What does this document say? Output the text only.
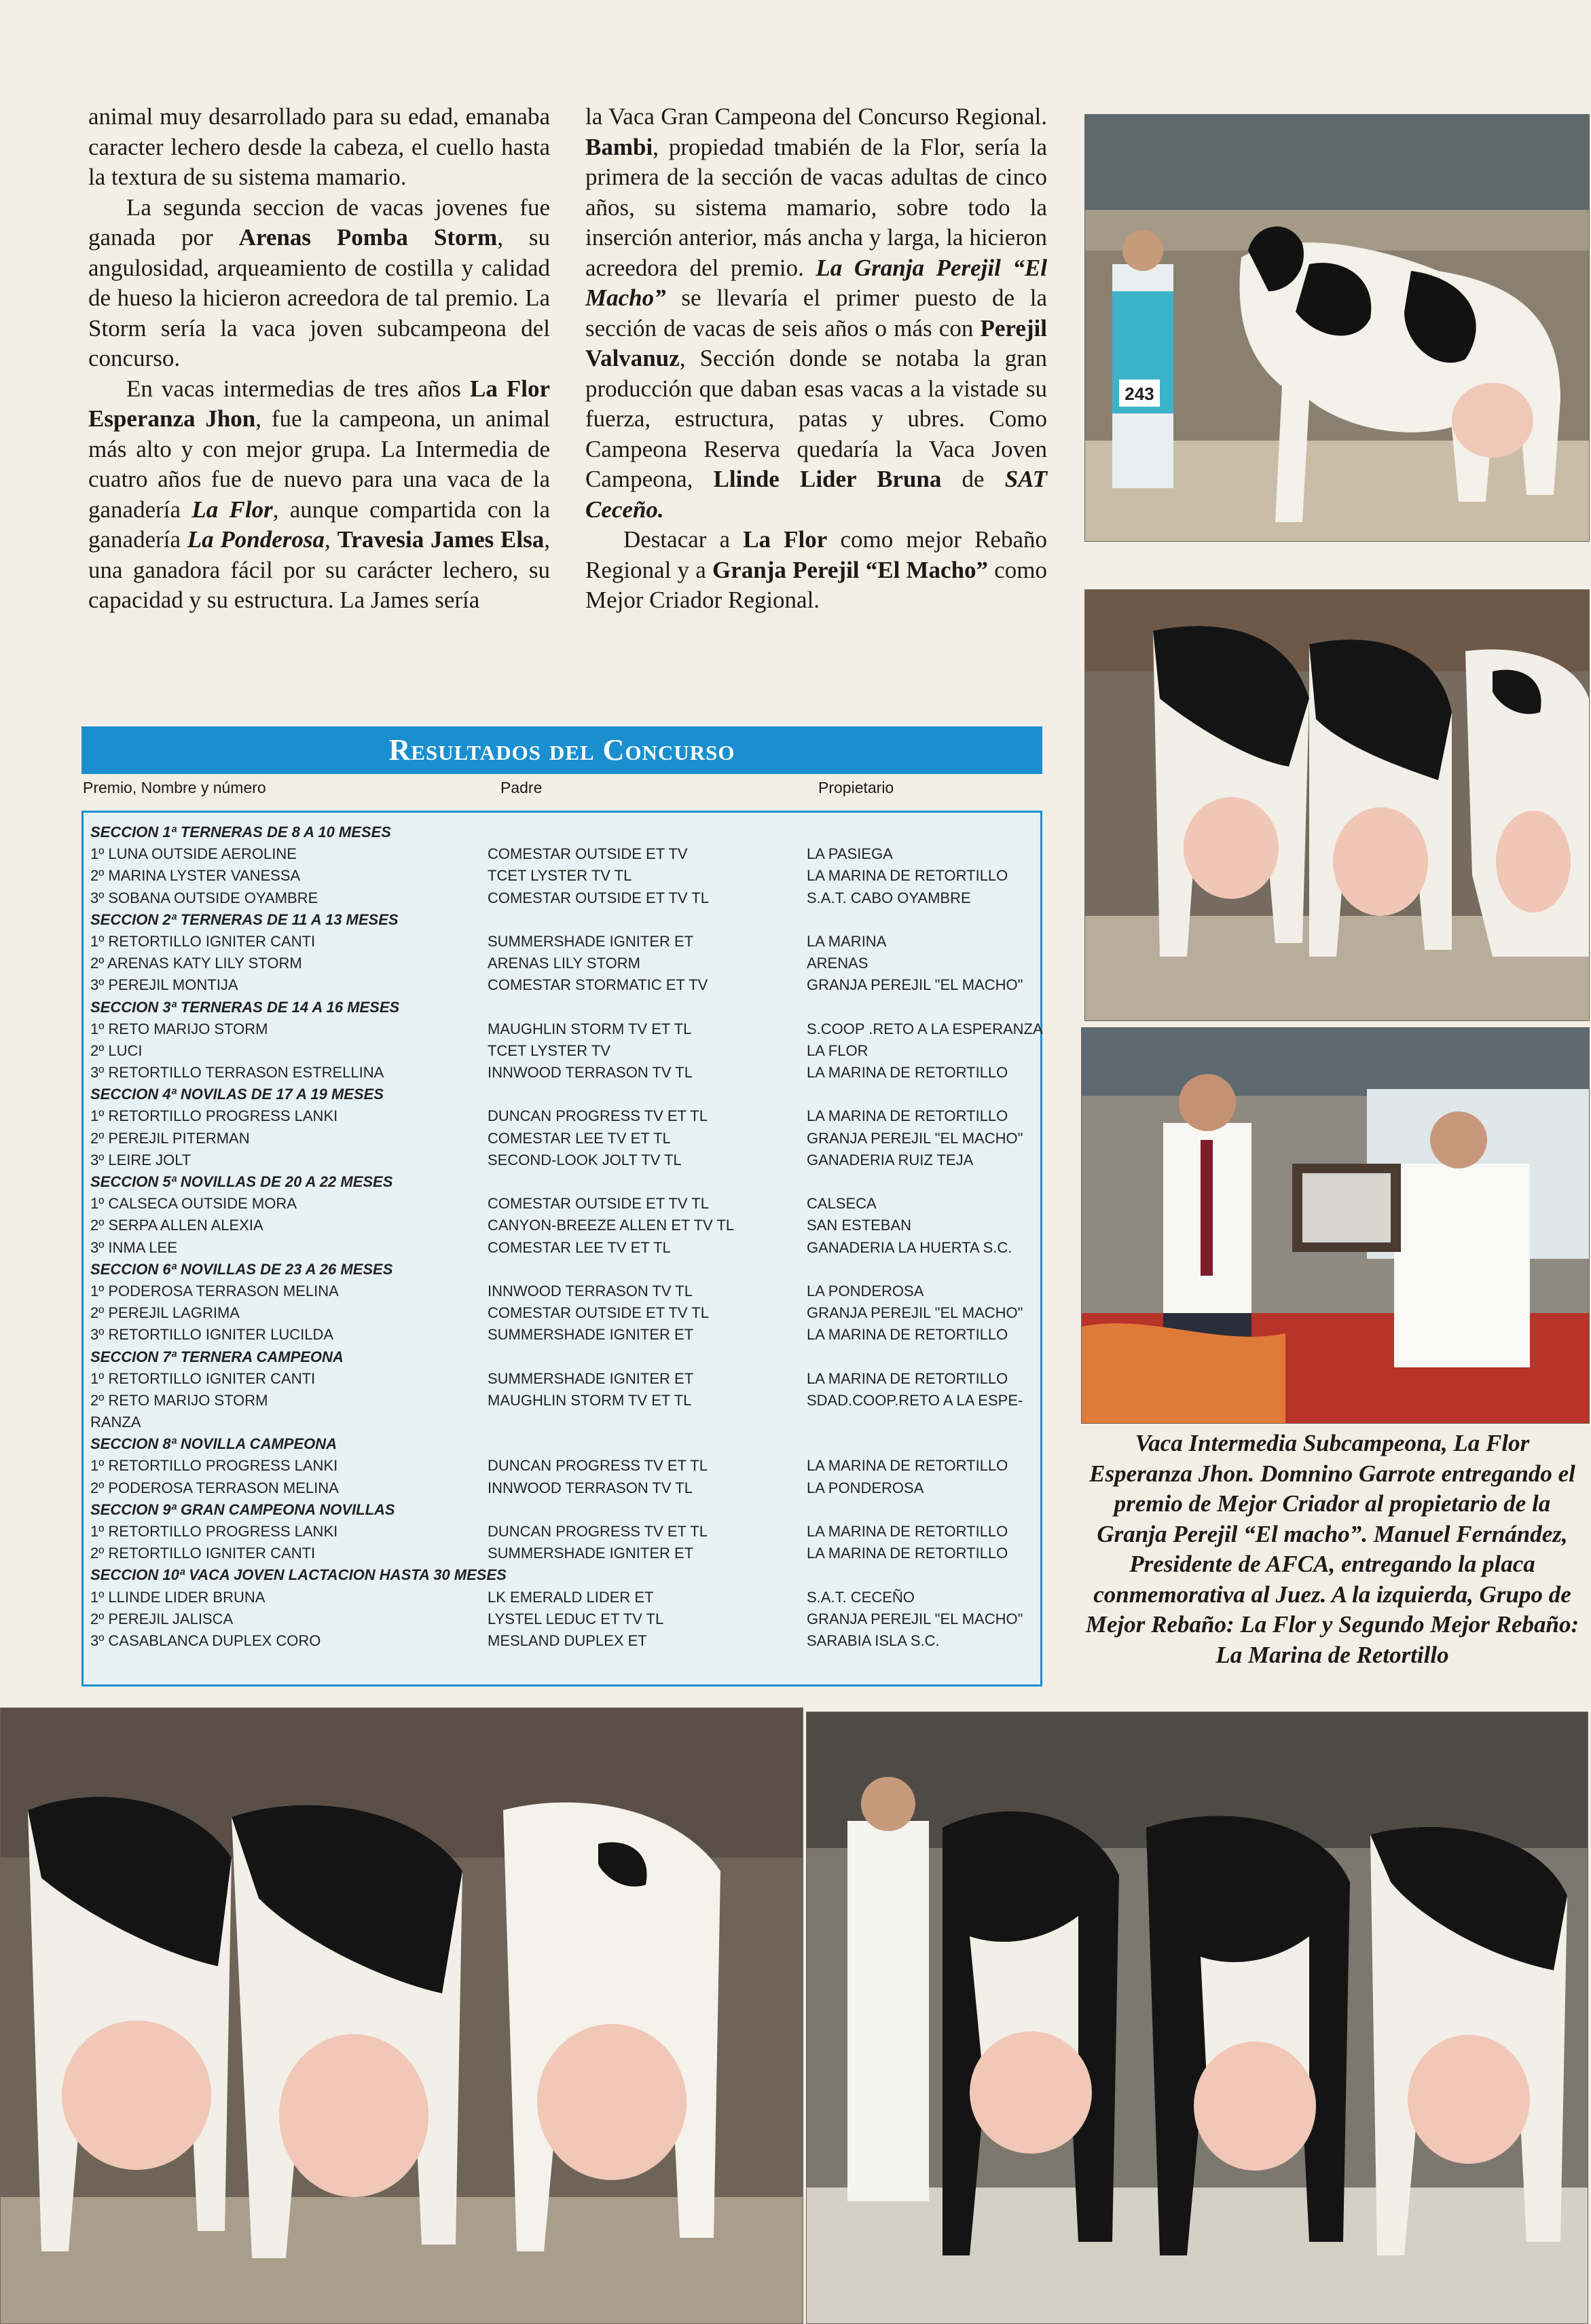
animal muy desarrollado para su edad, emanaba caracter lechero desde la cabeza, el cuello hasta la textura de su sistema mamario.

La segunda seccion de vacas jovenes fue ganada por Arenas Pomba Storm, su angulosidad, arqueamiento de costilla y calidad de hueso la hicieron acreedora de tal premio. La Storm sería la vaca joven subcampeona del concurso.

En vacas intermedias de tres años La Flor Esperanza Jhon, fue la campeona, un animal más alto y con mejor grupa. La Intermedia de cuatro años fue de nuevo para una vaca de la ganadería La Flor, aunque compartida con la ganadería La Ponderosa, Travesia James Elsa, una ganadora fácil por su carácter lechero, su capacidad y su estructura. La James sería

la Vaca Gran Campeona del Concurso Regional. Bambi, propiedad tmabién de la Flor, sería la primera de la sección de vacas adultas de cinco años, su sistema mamario, sobre todo la inserción anterior, más ancha y larga, la hicieron acreedora del premio. La Granja Perejil “El Macho” se llevaría el primer puesto de la sección de vacas de seis años o más con Perejil Valvanuz, Sección donde se notaba la gran producción que daban esas vacas a la vistade su fuerza, estructura, patas y ubres. Como Campeona Reserva quedaría la Vaca Joven Campeona, Llinde Lider Bruna de SAT Ceceño.

Destacar a La Flor como mejor Rebaño Regional y a Granja Perejil “El Macho” como Mejor Criador Regional.

243
Vaca Intermedia Subcampeona, La Flor Esperanza Jhon. Domnino Garrote entregando el premio de Mejor Criador al propietario de la Granja Perejil “El macho”. Manuel Fernández, Presidente de AFCA, entregando la placa conmemorativa al Juez. A la izquierda, Grupo de Mejor Rebaño: La Flor y Segundo Mejor Rebaño: La Marina de Retortillo
Resultados del Concurso
Premio, Nombre y número	Padre	Propietario
SECCION 1ª TERNERAS DE 8 A 10 MESES
1º LUNA OUTSIDE AEROLINE	COMESTAR OUTSIDE ET TV	LA PASIEGA
2º MARINA LYSTER VANESSA	TCET LYSTER TV TL	LA MARINA DE RETORTILLO
3º SOBANA OUTSIDE OYAMBRE	COMESTAR OUTSIDE ET TV TL	S.A.T. CABO OYAMBRE
SECCION 2ª TERNERAS DE 11 A 13 MESES
1º RETORTILLO IGNITER CANTI	SUMMERSHADE IGNITER ET	LA MARINA
2º ARENAS KATY LILY STORM	ARENAS LILY STORM	ARENAS
3º PEREJIL MONTIJA	COMESTAR STORMATIC ET TV	GRANJA PEREJIL "EL MACHO"
SECCION 3ª TERNERAS DE 14 A 16 MESES
1º RETO MARIJO STORM	MAUGHLIN STORM TV ET TL	S.COOP .RETO A LA ESPERANZA
2º LUCI	TCET LYSTER TV	LA FLOR
3º RETORTILLO TERRASON ESTRELLINA	INNWOOD TERRASON TV TL	LA MARINA DE RETORTILLO
SECCION 4ª NOVILAS DE 17 A 19 MESES
1º RETORTILLO PROGRESS LANKI	DUNCAN PROGRESS TV ET TL	LA MARINA DE RETORTILLO
2º PEREJIL PITERMAN	COMESTAR LEE TV ET TL	GRANJA PEREJIL "EL MACHO"
3º LEIRE JOLT	SECOND-LOOK JOLT TV TL	GANADERIA RUIZ TEJA
SECCION 5ª NOVILLAS DE 20 A 22 MESES
1º CALSECA OUTSIDE MORA	COMESTAR OUTSIDE ET TV TL	CALSECA
2º SERPA ALLEN ALEXIA	CANYON-BREEZE ALLEN ET TV TL	SAN ESTEBAN
3º INMA LEE	COMESTAR LEE TV ET TL	GANADERIA LA HUERTA S.C.
SECCION 6ª NOVILLAS DE 23 A 26 MESES
1º PODEROSA TERRASON MELINA	INNWOOD TERRASON TV TL	LA PONDEROSA
2º PEREJIL LAGRIMA	COMESTAR OUTSIDE ET TV TL	GRANJA PEREJIL "EL MACHO"
3º RETORTILLO IGNITER LUCILDA	SUMMERSHADE IGNITER ET	LA MARINA DE RETORTILLO
SECCION 7ª TERNERA CAMPEONA
1º RETORTILLO IGNITER CANTI	SUMMERSHADE IGNITER ET	LA MARINA DE RETORTILLO
2º RETO MARIJO STORM	MAUGHLIN STORM TV ET TL	SDAD.COOP.RETO A LA ESPE-
RANZA
SECCION 8ª NOVILLA CAMPEONA
1º RETORTILLO PROGRESS LANKI	DUNCAN PROGRESS TV ET TL	LA MARINA DE RETORTILLO
2º PODEROSA TERRASON MELINA	INNWOOD TERRASON TV TL	LA PONDEROSA
SECCION 9ª GRAN CAMPEONA NOVILLAS
1º RETORTILLO PROGRESS LANKI	DUNCAN PROGRESS TV ET TL	LA MARINA DE RETORTILLO
2º RETORTILLO IGNITER CANTI	SUMMERSHADE IGNITER ET	LA MARINA DE RETORTILLO
SECCION 10ª VACA JOVEN LACTACION HASTA 30 MESES
1º LLINDE LIDER BRUNA	LK EMERALD LIDER ET	S.A.T. CECEÑO
2º PEREJIL JALISCA	LYSTEL LEDUC ET TV TL	GRANJA PEREJIL "EL MACHO"
3º CASABLANCA DUPLEX CORO	MESLAND DUPLEX ET	SARABIA ISLA S.C.
